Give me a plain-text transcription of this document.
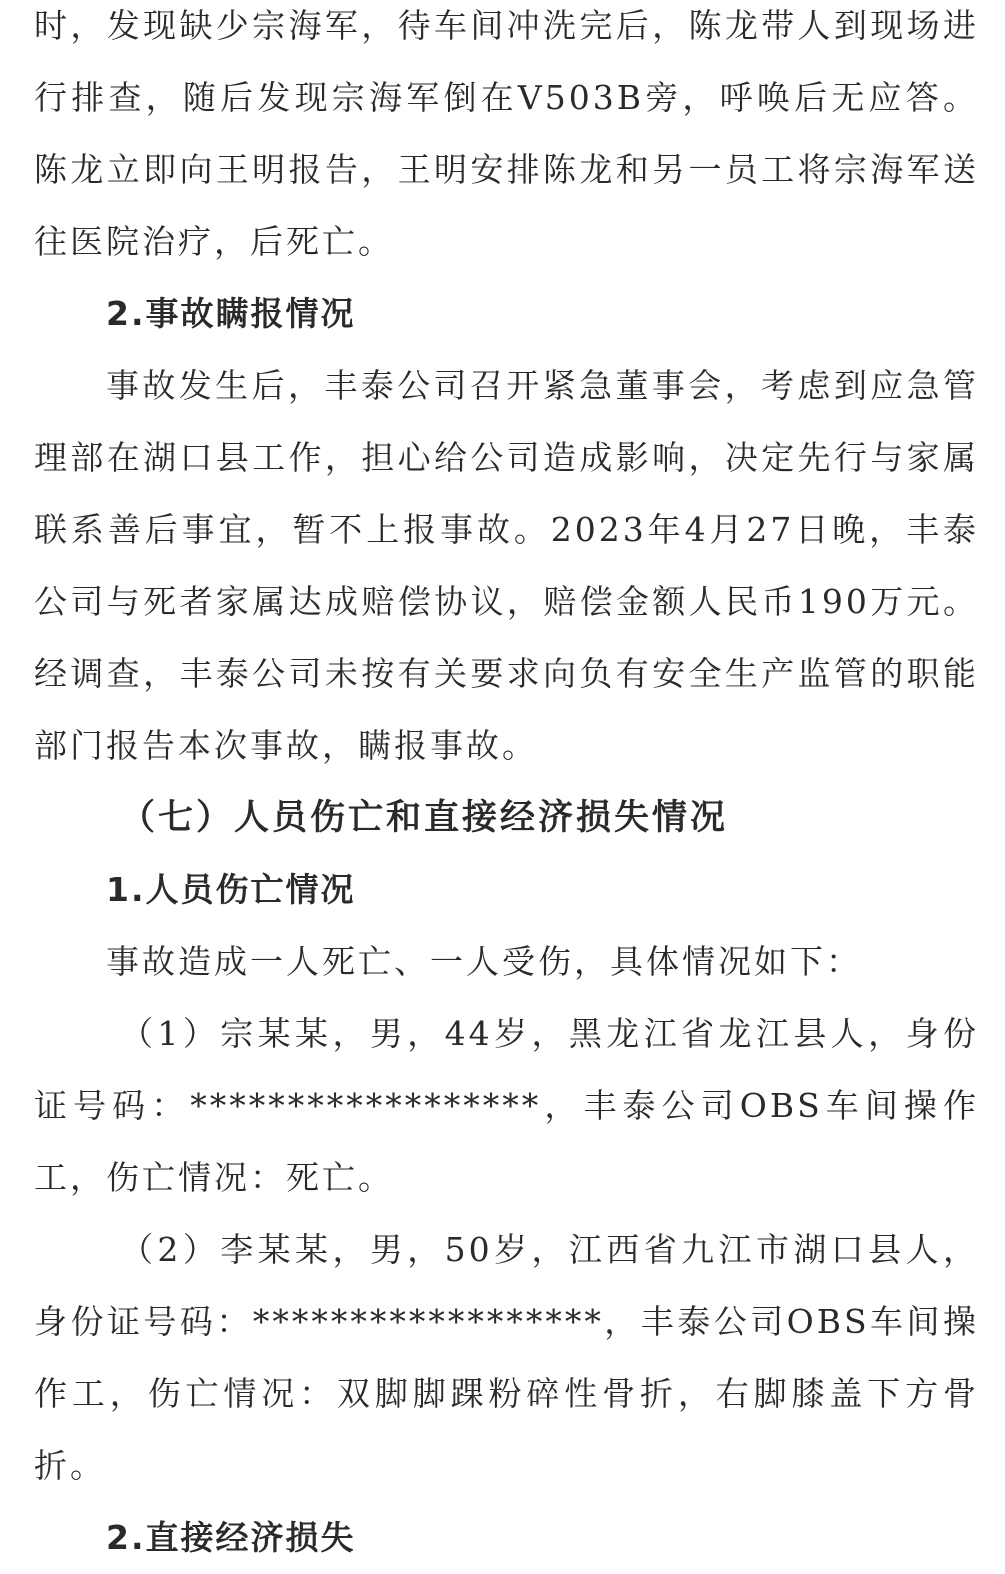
时，发现缺少宗海军，待车间冲洗完后，陈龙带人到现场进行排查，随后发现宗海军倒在V503B旁，呼唤后无应答。陈龙立即向王明报告，王明安排陈龙和另一员工将宗海军送往医院治疗，后死亡。

2.事故瞒报情况

事故发生后，丰泰公司召开紧急董事会，考虑到应急管理部在湖口县工作，担心给公司造成影响，决定先行与家属联系善后事宜，暂不上报事故。2023年4月27日晚，丰泰公司与死者家属达成赔偿协议，赔偿金额人民币190万元。经调查，丰泰公司未按有关要求向负有安全生产监管的职能部门报告本次事故，瞒报事故。

（七）人员伤亡和直接经济损失情况

1.人员伤亡情况

事故造成一人死亡、一人受伤，具体情况如下：

（1）宗某某，男，44岁，黑龙江省龙江县人，身份证号码：******************，丰泰公司OBS车间操作工，伤亡情况：死亡。

（2）李某某，男，50岁，江西省九江市湖口县人，身份证号码：******************，丰泰公司OBS车间操作工，伤亡情况：双脚脚踝粉碎性骨折，右脚膝盖下方骨折。

2.直接经济损失
